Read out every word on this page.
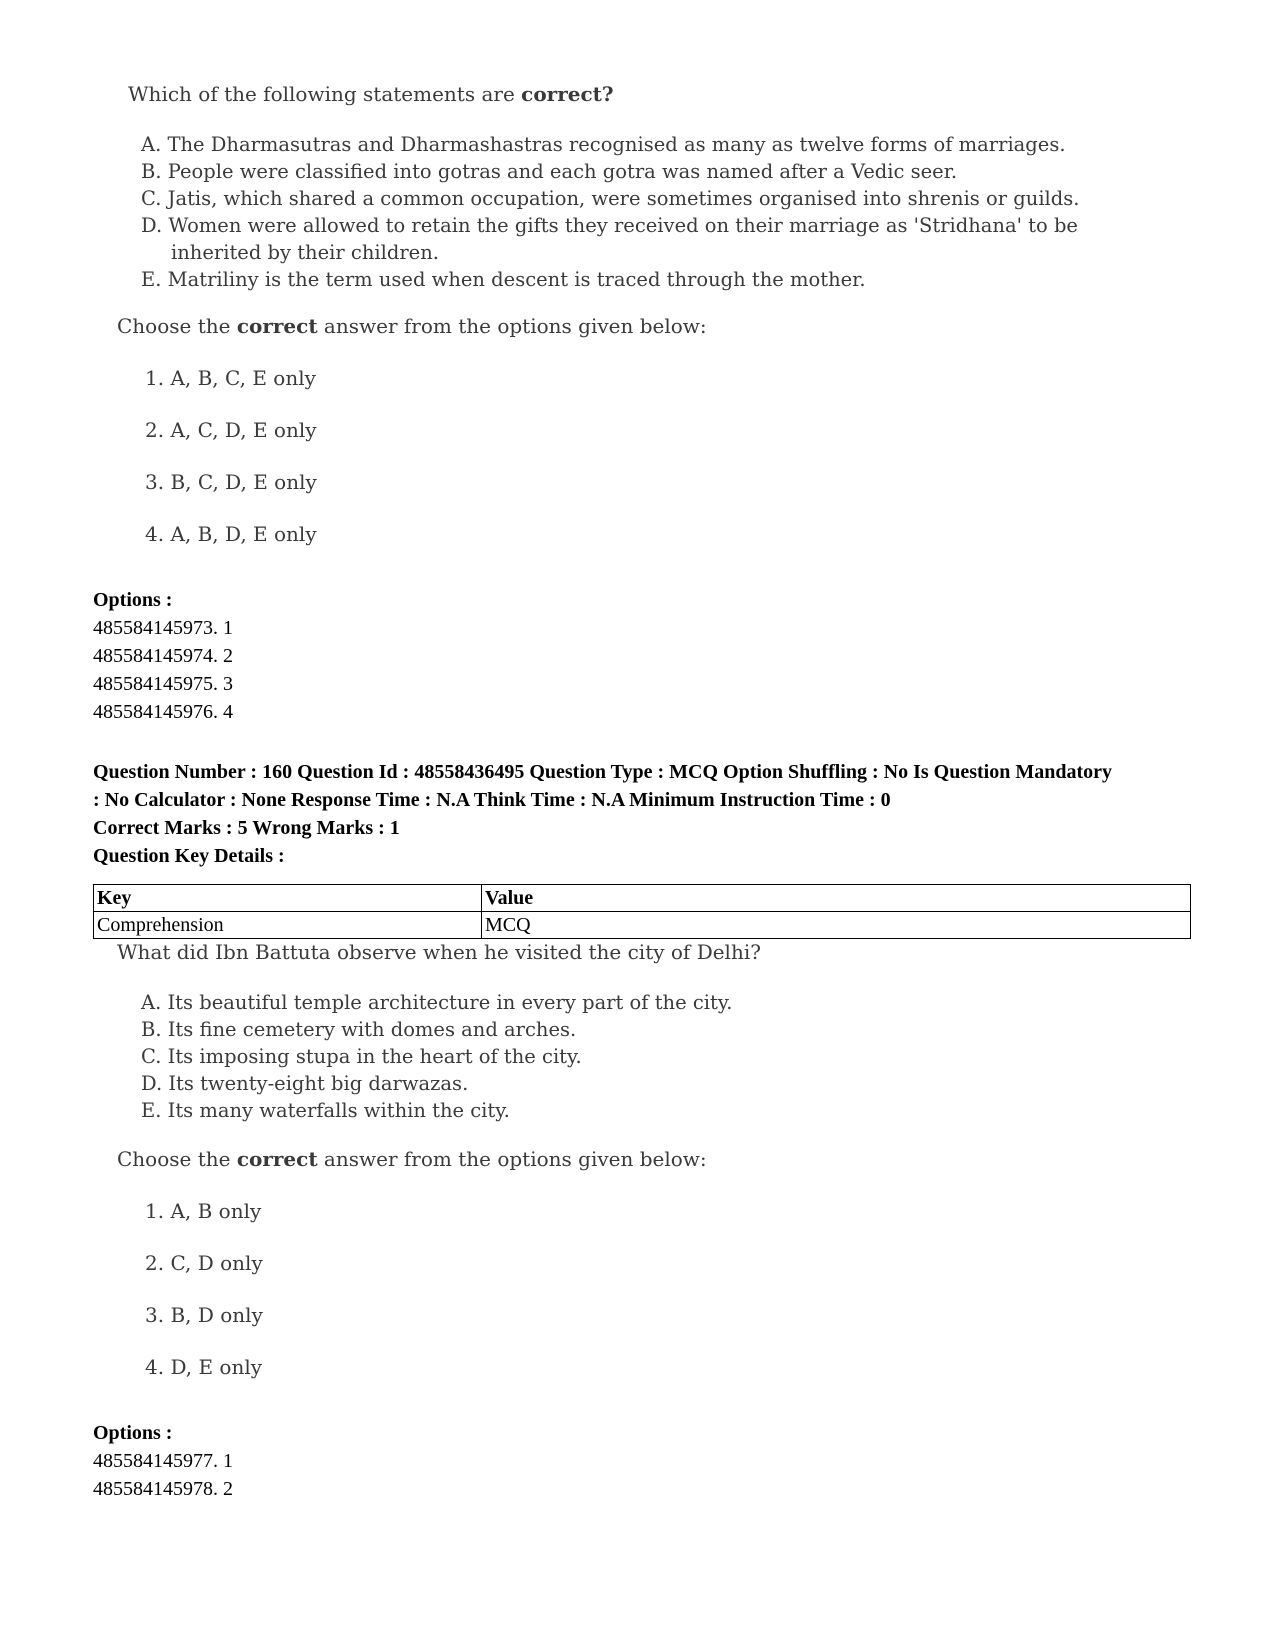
Which of the following statements are correct?

A. The Dharmasutras and Dharmashastras recognised as many as twelve forms of marriages.

B. People were classified into gotras and each gotra was named after a Vedic seer.

C. Jatis, which shared a common occupation, were sometimes organised into shrenis or guilds.

D. Women were allowed to retain the gifts they received on their marriage as 'Stridhana' to be inherited by their children.

E. Matriliny is the term used when descent is traced through the mother.

Choose the correct answer from the options given below:

1. A, B, C, E only

2. A, C, D, E only

3. B, C, D, E only

4. A, B, D, E only

Options :
485584145973. 1
485584145974. 2
485584145975. 3
485584145976. 4
Question Number : 160 Question Id : 48558436495 Question Type : MCQ Option Shuffling : No Is Question Mandatory
: No Calculator : None Response Time : N.A Think Time : N.A Minimum Instruction Time : 0
Correct Marks : 5 Wrong Marks : 1
Question Key Details :
Key	Value
Comprehension	MCQ

What did Ibn Battuta observe when he visited the city of Delhi?

A. Its beautiful temple architecture in every part of the city.

B. Its fine cemetery with domes and arches.

C. Its imposing stupa in the heart of the city.

D. Its twenty-eight big darwazas.

E. Its many waterfalls within the city.

Choose the correct answer from the options given below:

1. A, B only

2. C, D only

3. B, D only

4. D, E only

Options :
485584145977. 1
485584145978. 2
